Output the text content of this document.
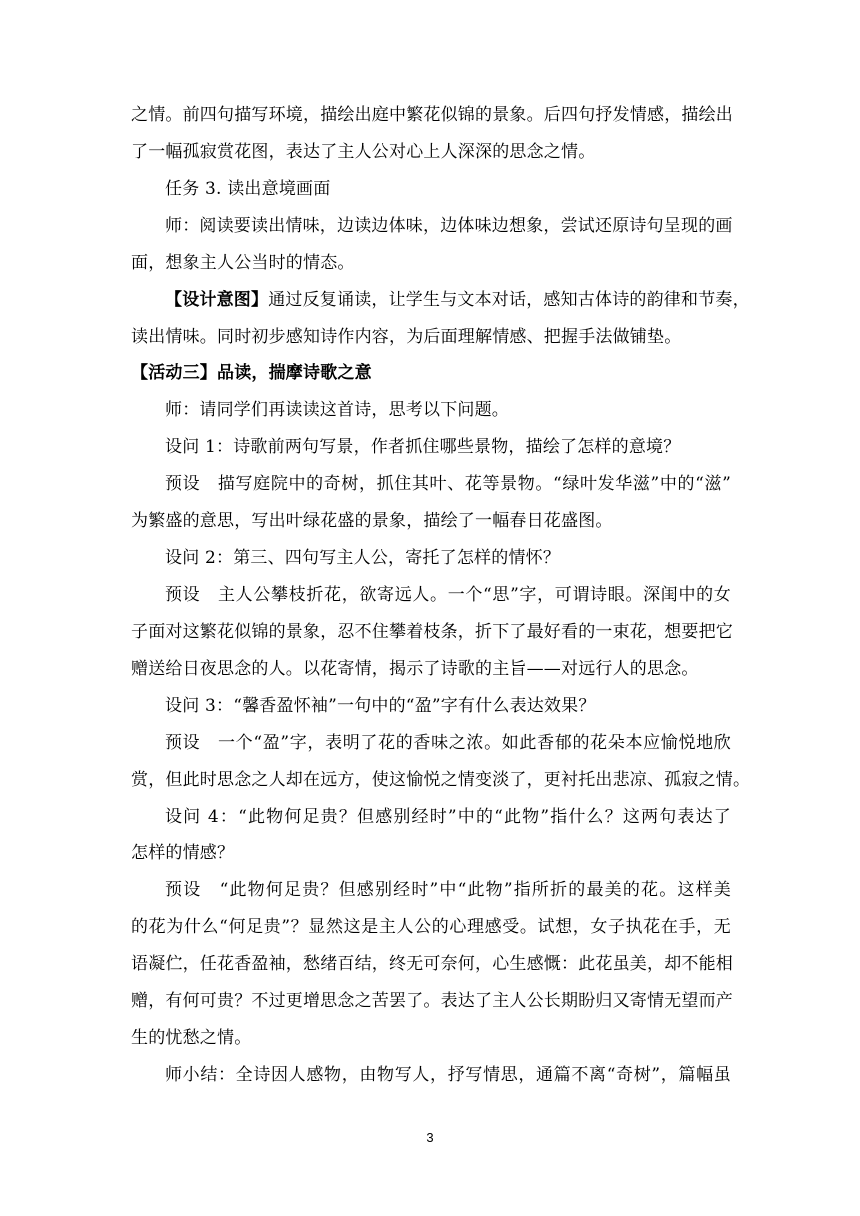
之情。前四句描写环境，描绘出庭中繁花似锦的景象。后四句抒发情感，描绘出
了一幅孤寂赏花图，表达了主人公对心上人深深的思念之情。
任务 3. 读出意境画面
师：阅读要读出情味，边读边体味，边体味边想象，尝试还原诗句呈现的画
面，想象主人公当时的情态。
【设计意图】通过反复诵读，让学生与文本对话，感知古体诗的韵律和节奏，
读出情味。同时初步感知诗作内容，为后面理解情感、把握手法做铺垫。
【活动三】品读，揣摩诗歌之意
师：请同学们再读读这首诗，思考以下问题。
设问 1：诗歌前两句写景，作者抓住哪些景物，描绘了怎样的意境？
预设　描写庭院中的奇树，抓住其叶、花等景物。“绿叶发华滋”中的“滋”
为繁盛的意思，写出叶绿花盛的景象，描绘了一幅春日花盛图。
设问 2：第三、四句写主人公，寄托了怎样的情怀？
预设　主人公攀枝折花，欲寄远人。一个“思”字，可谓诗眼。深闺中的女
子面对这繁花似锦的景象，忍不住攀着枝条，折下了最好看的一束花，想要把它
赠送给日夜思念的人。以花寄情，揭示了诗歌的主旨——对远行人的思念。
设问 3：“馨香盈怀袖”一句中的“盈”字有什么表达效果？
预设　一个“盈”字，表明了花的香味之浓。如此香郁的花朵本应愉悦地欣
赏，但此时思念之人却在远方，使这愉悦之情变淡了，更衬托出悲凉、孤寂之情。
设问 4：“此物何足贵？但感别经时”中的“此物”指什么？这两句表达了
怎样的情感？
预设　“此物何足贵？但感别经时”中“此物”指所折的最美的花。这样美
的花为什么“何足贵”？显然这是主人公的心理感受。试想，女子执花在手，无
语凝伫，任花香盈袖，愁绪百结，终无可奈何，心生感慨：此花虽美，却不能相
赠，有何可贵？不过更增思念之苦罢了。表达了主人公长期盼归又寄情无望而产
生的忧愁之情。
师小结：全诗因人感物，由物写人，抒写情思，通篇不离“奇树”，篇幅虽
3
